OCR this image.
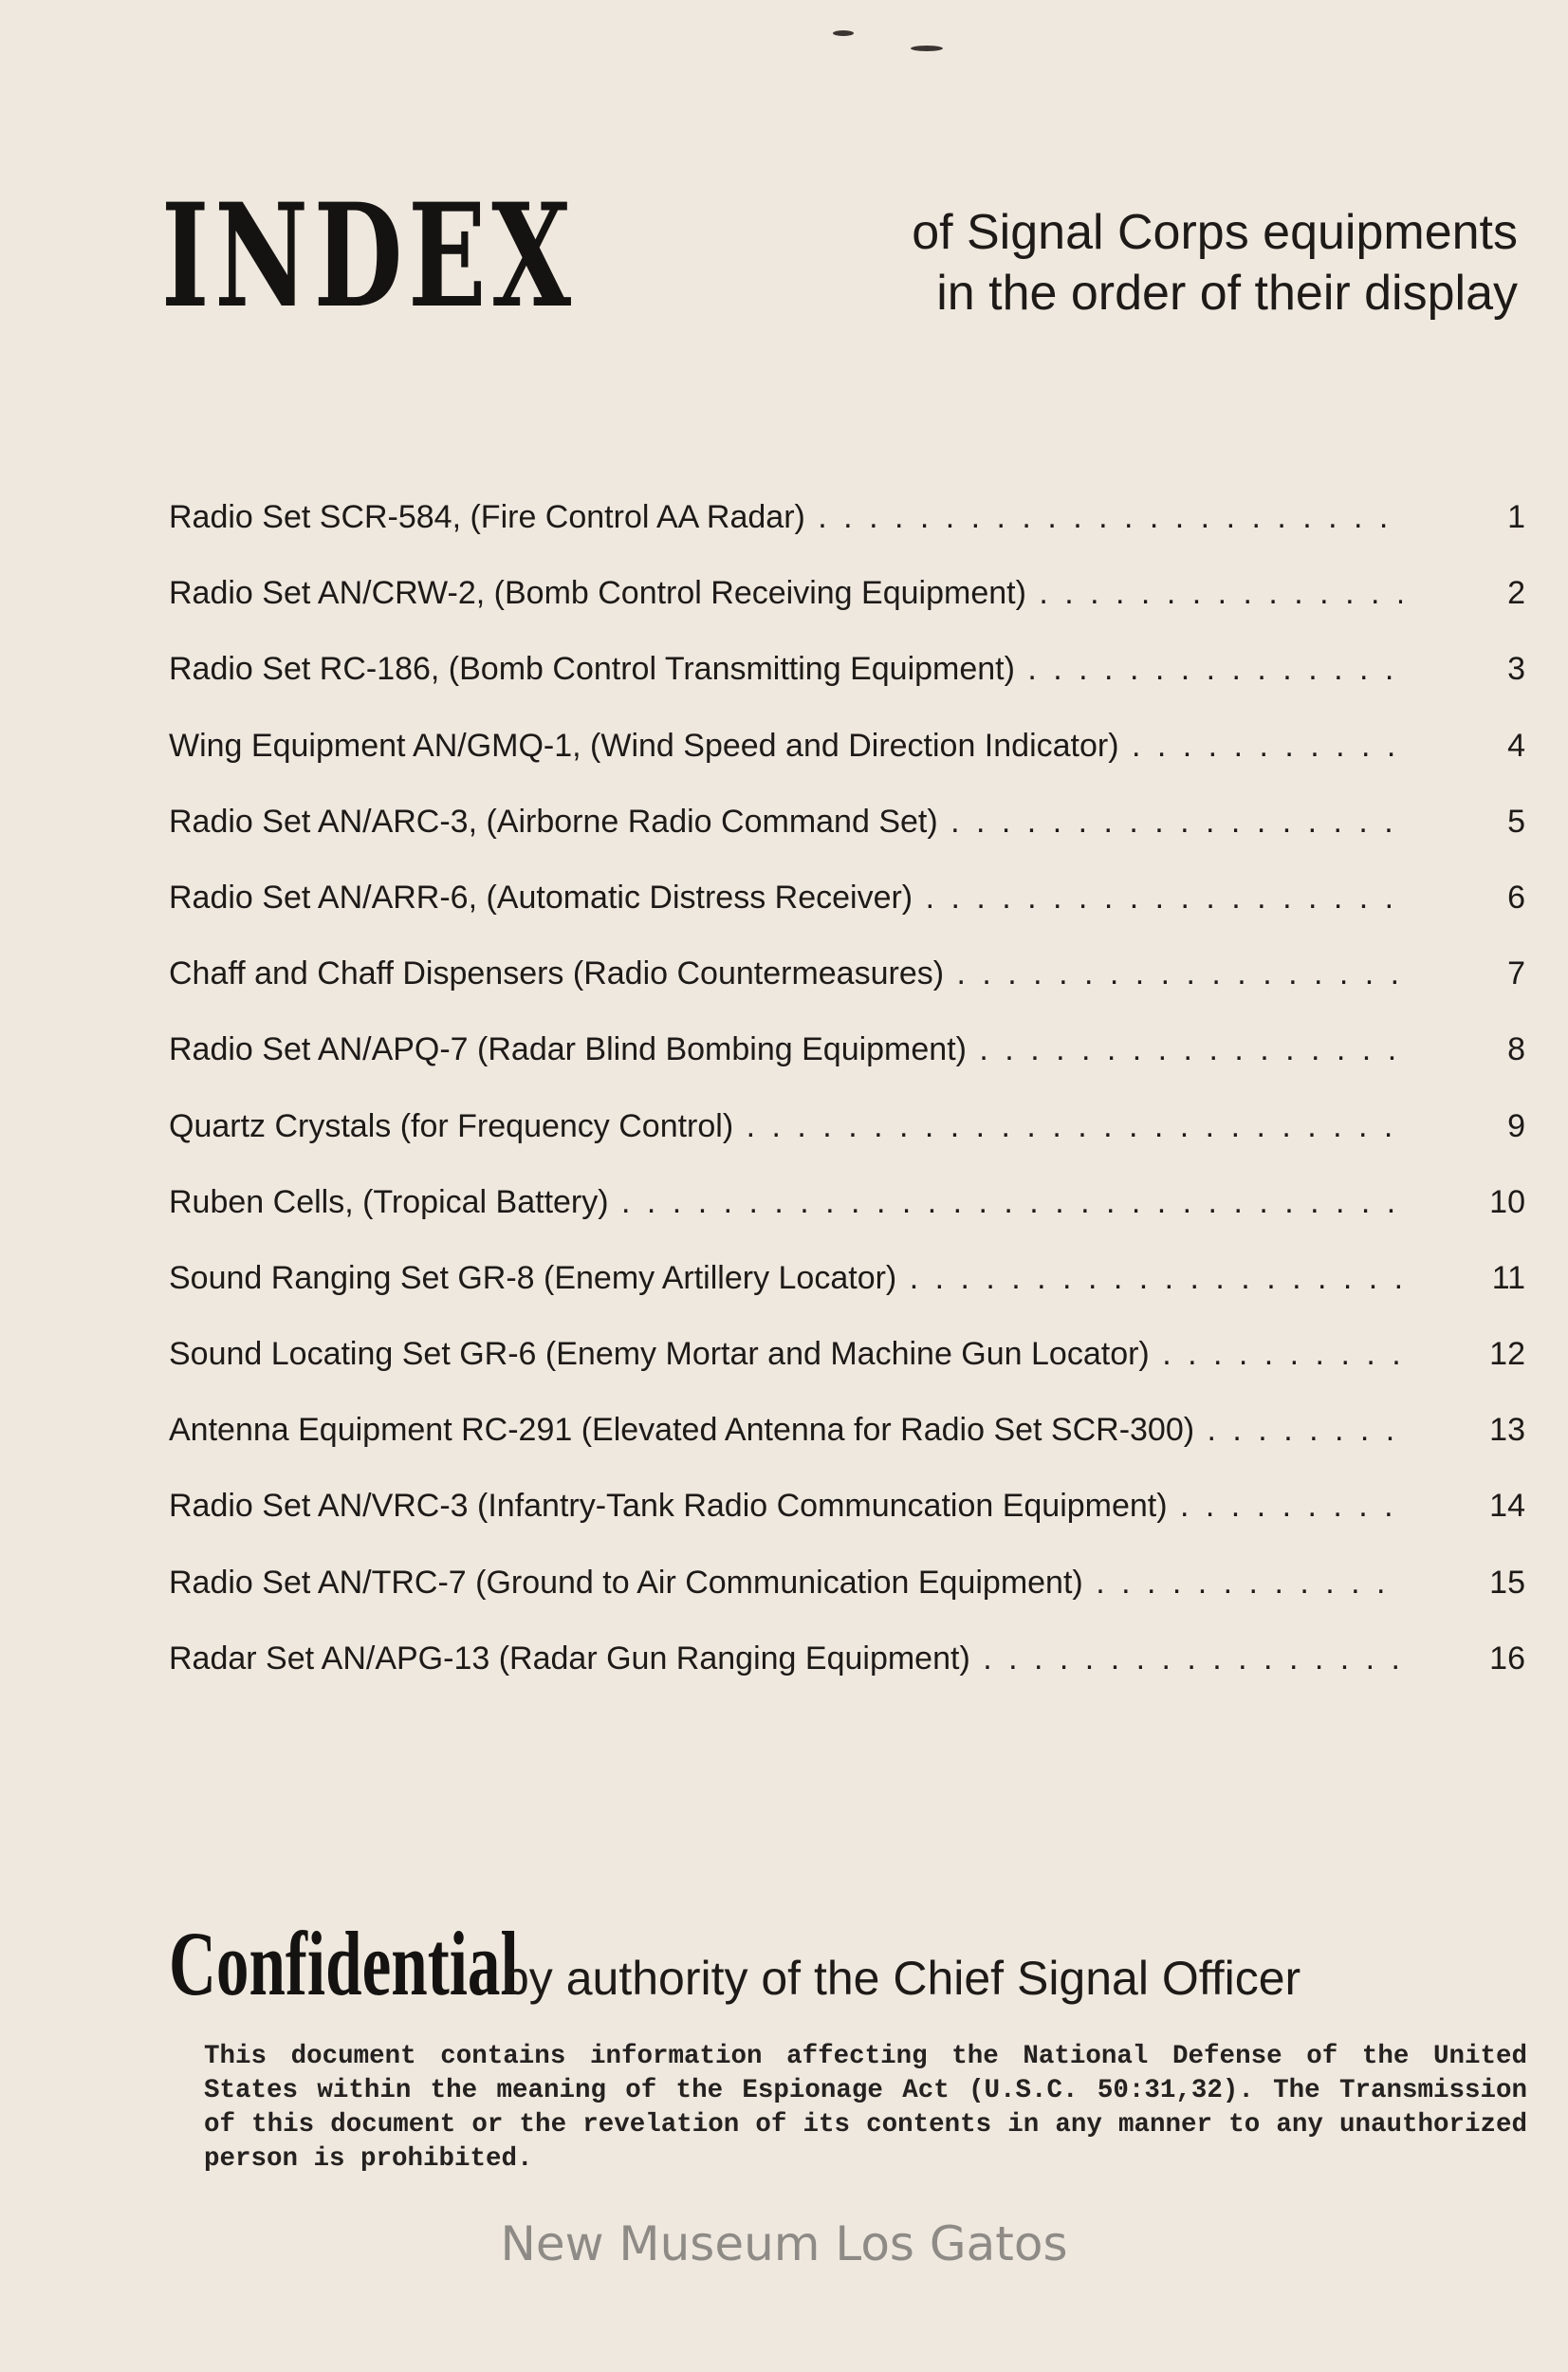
INDEX	of Signal Corps equipments
in the order of their display
Radio Set SCR-584, (Fire Control AA Radar) . . .	1
Radio Set AN/CRW-2, (Bomb Control Receiving Equipment) . . .	2
Radio Set RC-186, (Bomb Control Transmitting Equipment) . . .	3
Wing Equipment AN/GMQ-1, (Wind Speed and Direction Indicator) . . .	4
Radio Set AN/ARC-3, (Airborne Radio Command Set) . . .	5
Radio Set AN/ARR-6, (Automatic Distress Receiver) . . .	6
Chaff and Chaff Dispensers (Radio Countermeasures) . . .	7
Radio Set AN/APQ-7 (Radar Blind Bombing Equipment) . . .	8
Quartz Crystals (for Frequency Control) . . .	9
Ruben Cells, (Tropical Battery) . . .	10
Sound Ranging Set GR-8 (Enemy Artillery Locator) . . .	11
Sound Locating Set GR-6 (Enemy Mortar and Machine Gun Locator) . . .	12
Antenna Equipment RC-291 (Elevated Antenna for Radio Set SCR-300) . . .	13
Radio Set AN/VRC-3 (Infantry-Tank Radio Communcation Equipment) . . .	14
Radio Set AN/TRC-7 (Ground to Air Communication Equipment) . . .	15
Radar Set AN/APG-13 (Radar Gun Ranging Equipment) . . .	16
Confidential
by authority of the Chief Signal Officer
This document contains information affecting the National Defense of the United States within the meaning of the Espionage Act (U.S.C. 50:31,32). The Transmission of this document or the revelation of its contents in any manner to any unauthorized person is prohibited.
New Museum Los Gatos
